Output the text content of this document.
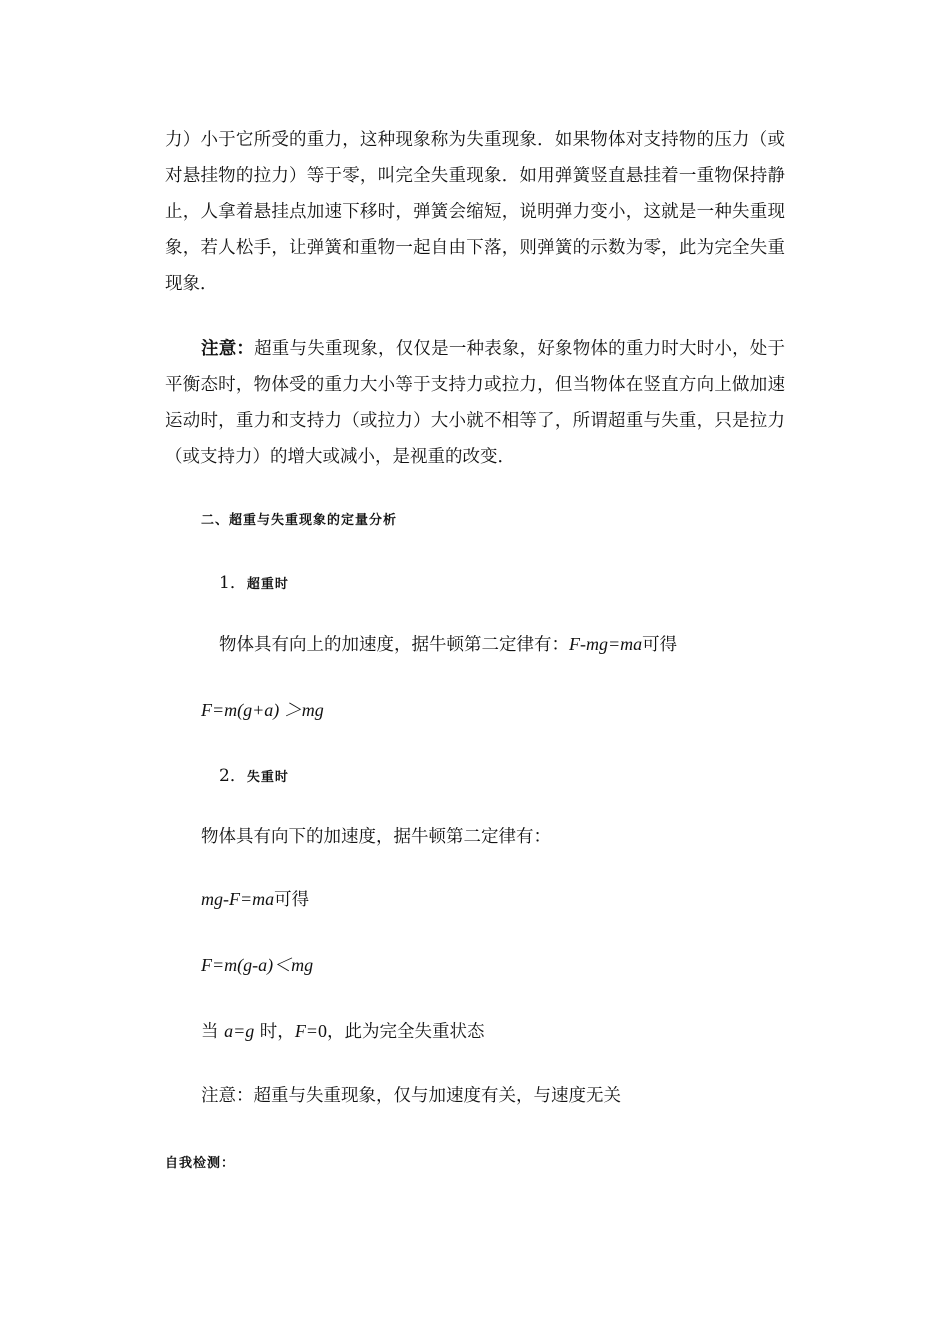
力）小于它所受的重力，这种现象称为失重现象．如果物体对支持物的压力（或
对悬挂物的拉力）等于零，叫完全失重现象．如用弹簧竖直悬挂着一重物保持静
止，人拿着悬挂点加速下移时，弹簧会缩短，说明弹力变小，这就是一种失重现
象，若人松手，让弹簧和重物一起自由下落，则弹簧的示数为零，此为完全失重
现象．
注意：超重与失重现象，仅仅是一种表象，好象物体的重力时大时小，处于
平衡态时，物体受的重力大小等于支持力或拉力，但当物体在竖直方向上做加速
运动时，重力和支持力（或拉力）大小就不相等了，所谓超重与失重，只是拉力
（或支持力）的增大或减小，是视重的改变．
二、超重与失重现象的定量分析
1．超重时
物体具有向上的加速度，据牛顿第二定律有：F-mg=ma可得
F=m(g+a) ＞mg
2．失重时
物体具有向下的加速度，据牛顿第二定律有：
mg-F=ma可得
F=m(g-a)＜mg
当 a=g 时，F=0，此为完全失重状态
注意：超重与失重现象，仅与加速度有关，与速度无关
自我检测：
